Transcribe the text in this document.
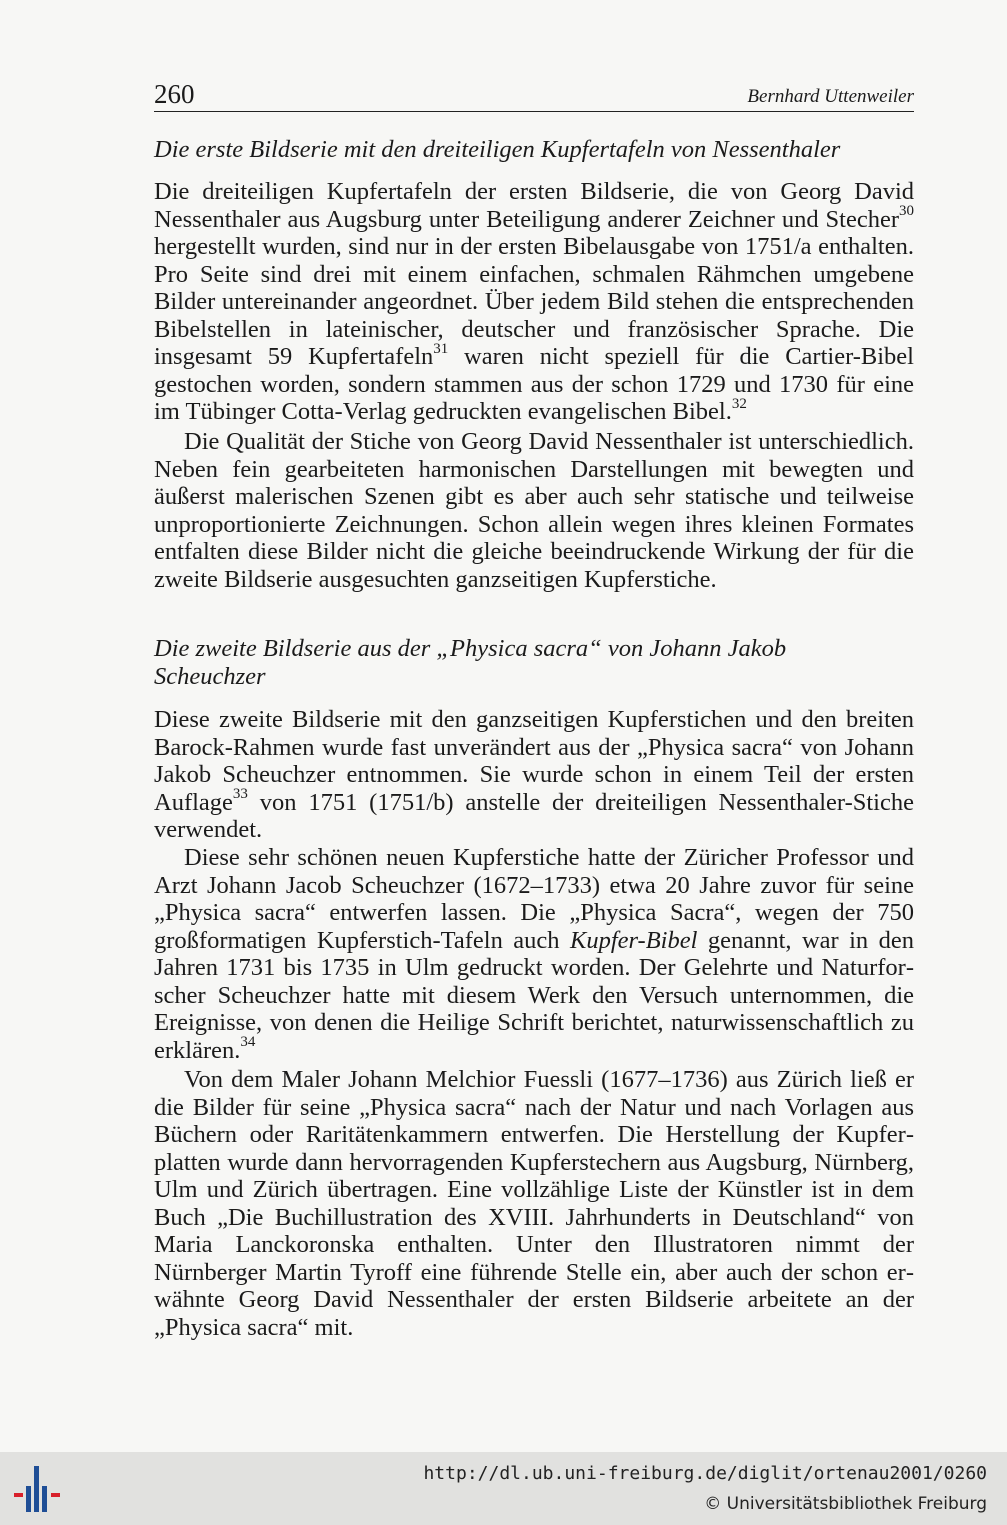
260	Bernhard Uttenweiler
Die erste Bildserie mit den dreiteiligen Kupfertafeln von Nessenthaler

Die dreiteiligen Kupfertafeln der ersten Bildserie, die von Georg David Nessenthaler aus Augsburg unter Beteiligung anderer Zeichner und Stecher$^{30}$ hergestellt wurden, sind nur in der ersten Bibelausgabe von 1751/a enthalten. Pro Seite sind drei mit einem einfachen, schmalen Rähmchen umgebene Bilder untereinander angeordnet. Über jedem Bild stehen die entsprechenden Bibelstellen in lateinischer, deutscher und französischer Sprache. Die insgesamt 59 Kupfertafeln$^{31}$ waren nicht speziell für die Cartier-Bibel gestochen worden, sondern stammen aus der schon 1729 und 1730 für eine im Tübinger Cotta-Verlag gedruckten evangelischen Bibel.$^{32}$

Die Qualität der Stiche von Georg David Nessenthaler ist unterschiedlich. Neben fein gearbeiteten harmonischen Darstellungen mit bewegten und äußerst malerischen Szenen gibt es aber auch sehr statische und teilweise unproportionierte Zeichnungen. Schon allein wegen ihres kleinen Formates entfalten diese Bilder nicht die gleiche beeindruckende Wirkung der für die zweite Bildserie ausgesuchten ganzseitigen Kupferstiche.

Die zweite Bildserie aus der „Physica sacra“ von Johann Jakob
Scheuchzer

Diese zweite Bildserie mit den ganzseitigen Kupferstichen und den breiten Barock-Rahmen wurde fast unverändert aus der „Physica sacra“ von Johann Jakob Scheuchzer entnommen. Sie wurde schon in einem Teil der ersten Auflage$^{33}$ von 1751 (1751/b) anstelle der dreiteiligen Nessenthaler-Stiche verwendet.

Diese sehr schönen neuen Kupferstiche hatte der Züricher Professor und Arzt Johann Jacob Scheuchzer (1672–1733) etwa 20 Jahre zuvor für seine „Physica sacra“ entwerfen lassen. Die „Physica Sacra“, wegen der 750 großformatigen Kupferstich-Tafeln auch Kupfer-Bibel genannt, war in den Jahren 1731 bis 1735 in Ulm gedruckt worden. Der Gelehrte und Naturforscher Scheuchzer hatte mit diesem Werk den Versuch unternommen, die Ereignisse, von denen die Heilige Schrift berichtet, naturwissenschaftlich zu erklären.$^{34}$

Von dem Maler Johann Melchior Fuessli (1677–1736) aus Zürich ließ er die Bilder für seine „Physica sacra“ nach der Natur und nach Vorlagen aus Büchern oder Raritätenkammern entwerfen. Die Herstellung der Kupferplatten wurde dann hervorragenden Kupferstechern aus Augsburg, Nürnberg, Ulm und Zürich übertragen. Eine vollzählige Liste der Künstler ist in dem Buch „Die Buchillustration des XVIII. Jahrhunderts in Deutschland“ von Maria Lanckoronska enthalten. Unter den Illustratoren nimmt der Nürnberger Martin Tyroff eine führende Stelle ein, aber auch der schon erwähnte Georg David Nessenthaler der ersten Bildserie arbeitete an der „Physica sacra“ mit.

http://dl.ub.uni-freiburg.de/diglit/ortenau2001/0260
© Universitätsbibliothek Freiburg
